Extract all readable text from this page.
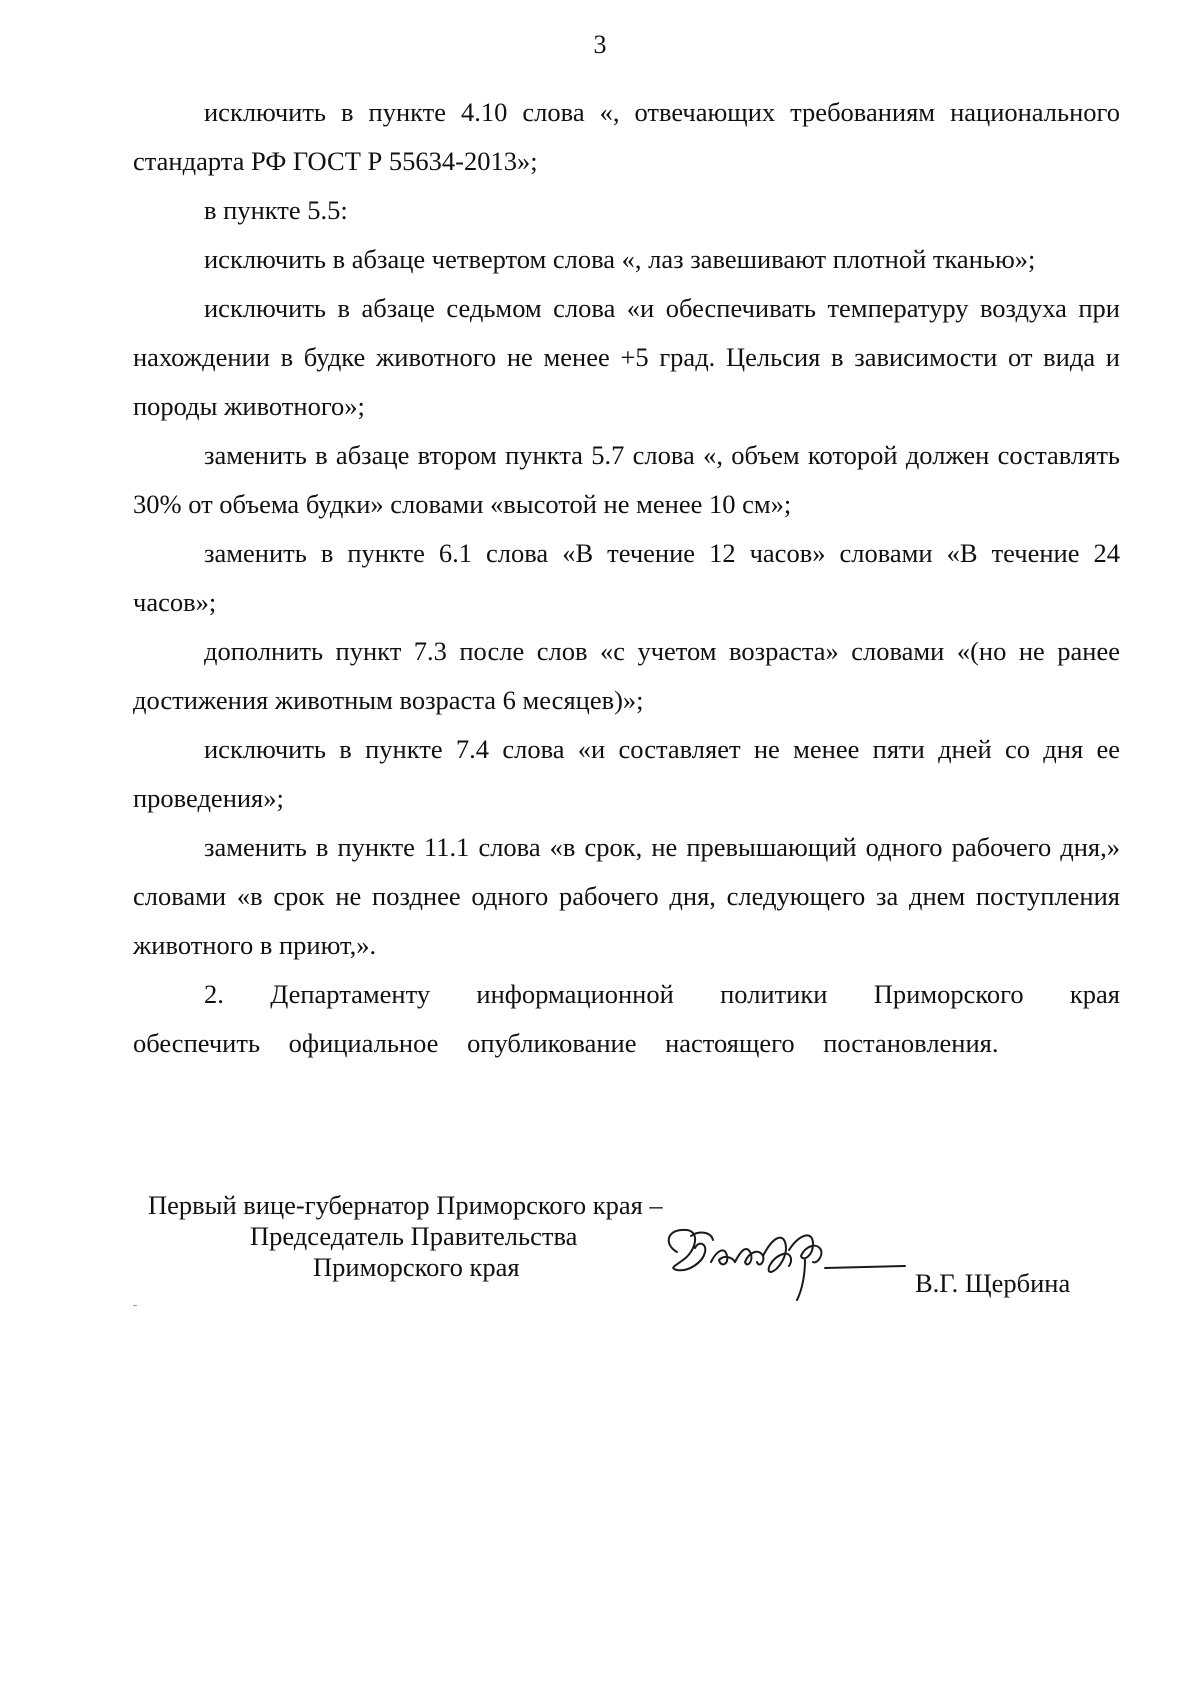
3

исключить в пункте 4.10 слова «, отвечающих требованиям национального стандарта РФ ГОСТ Р 55634-2013»;

в пункте 5.5:

исключить в абзаце четвертом слова «, лаз завешивают плотной тканью»;

исключить в абзаце седьмом слова «и обеспечивать температуру воздуха при нахождении в будке животного не менее +5 град. Цельсия в зависимости от вида и породы животного»;

заменить в абзаце втором пункта 5.7 слова «, объем которой должен составлять 30% от объема будки» словами «высотой не менее 10 см»;

заменить в пункте 6.1 слова «В течение 12 часов» словами «В течение 24 часов»;

дополнить пункт 7.3 после слов «с учетом возраста» словами «(но не ранее достижения животным возраста 6 месяцев)»;

исключить в пункте 7.4 слова «и составляет не менее пяти дней со дня ее проведения»;

заменить в пункте 11.1 слова «в срок, не превышающий одного рабочего дня,» словами «в срок не позднее одного рабочего дня, следующего за днем поступления животного в приют,».

2. Департаменту информационной политики Приморского края обеспечить официальное опубликование настоящего постановления.

Первый вице-губернатор Приморского края –
Председатель Правительства
Приморского края
В.Г. Щербина
